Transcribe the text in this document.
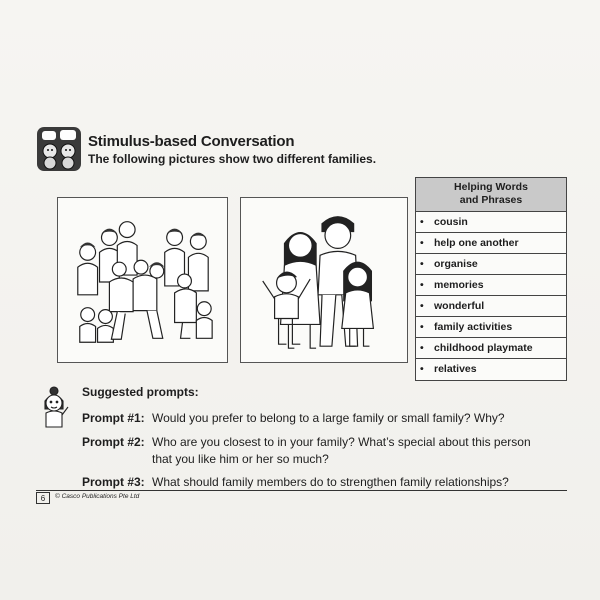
Stimulus-based Conversation
The following pictures show two different families.
Helping Words
and Phrases
• cousin
• help one another
• organise
• memories
• wonderful
• family activities
• childhood playmate
• relatives
Suggested prompts:
Prompt #1: Would you prefer to belong to a large family or small family? Why?
Prompt #2: Who are you closest to in your family? What’s special about this person that you like him or her so much?
Prompt #3: What should family members do to strengthen family relationships?
6	© Casco Publications Pte Ltd
